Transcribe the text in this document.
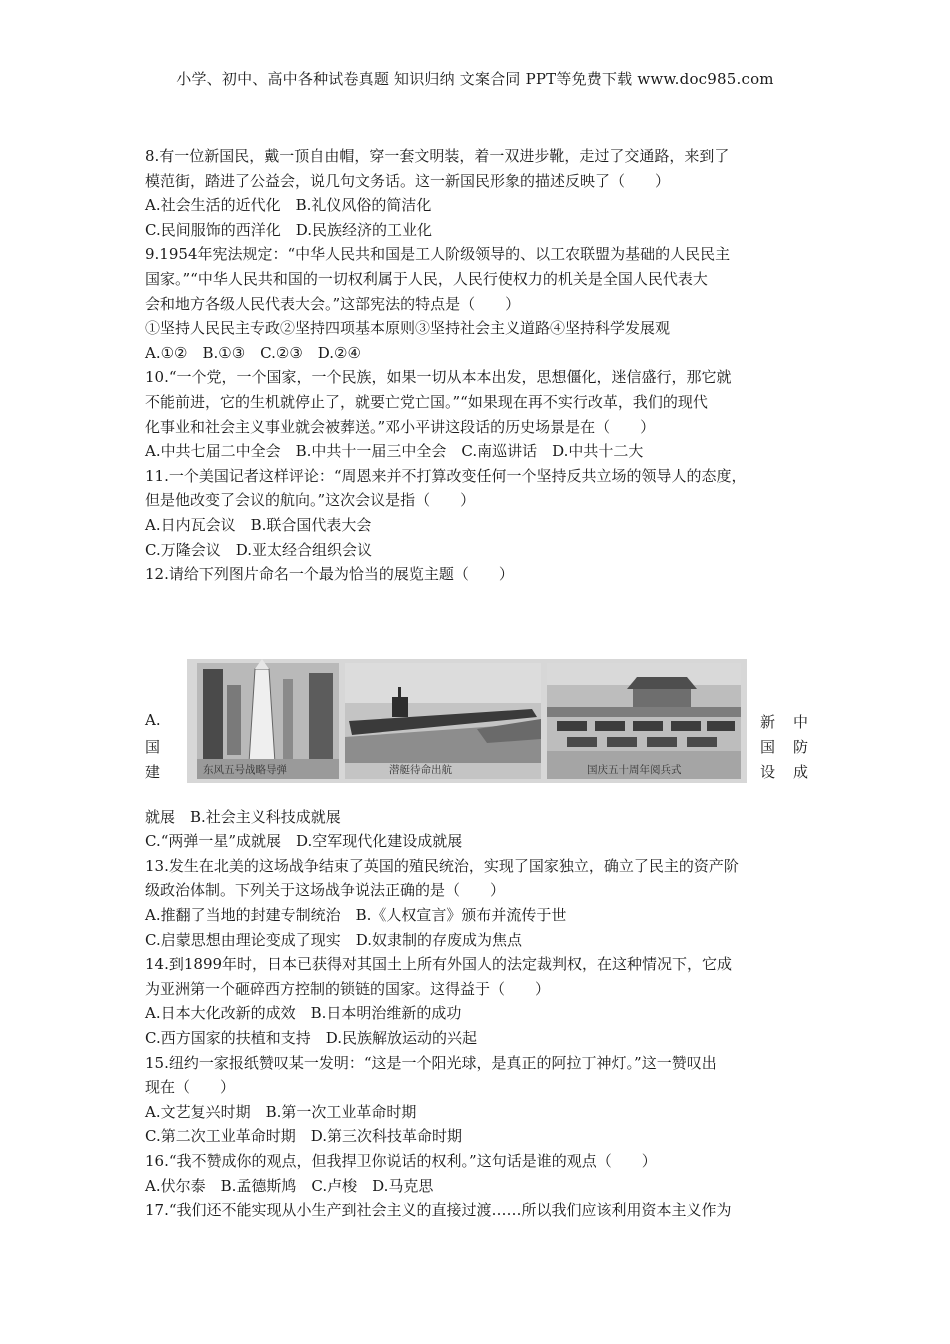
小学、初中、高中各种试卷真题 知识归纳 文案合同 PPT等免费下载 www.doc985.com
8.有一位新国民，戴一顶自由帽，穿一套文明装，着一双进步靴，走过了交通路，来到了
模范街，踏进了公益会，说几句文务话。这一新国民形象的描述反映了（　　）
A.社会生活的近代化　B.礼仪风俗的简洁化
C.民间服饰的西洋化　D.民族经济的工业化
9.1954年宪法规定：“中华人民共和国是工人阶级领导的、以工农联盟为基础的人民民主
国家。”“中华人民共和国的一切权利属于人民，人民行使权力的机关是全国人民代表大
会和地方各级人民代表大会。”这部宪法的特点是（　　）
①坚持人民民主专政②坚持四项基本原则③坚持社会主义道路④坚持科学发展观
A.①②　B.①③　C.②③　D.②④
10.“一个党，一个国家，一个民族，如果一切从本本出发，思想僵化，迷信盛行，那它就
不能前进，它的生机就停止了，就要亡党亡国。”“如果现在再不实行改革，我们的现代
化事业和社会主义事业就会被葬送。”邓小平讲这段话的历史场景是在（　　）
A.中共七届二中全会　B.中共十一届三中全会　C.南巡讲话　D.中共十二大
11.一个美国记者这样评论：“周恩来并不打算改变任何一个坚持反共立场的领导人的态度，
但是他改变了会议的航向。”这次会议是指（　　）
A.日内瓦会议　B.联合国代表大会
C.万隆会议　D.亚太经合组织会议
12.请给下列图片命名一个最为恰当的展览主题（　　）
A.
国
建	东风五号战略导弹	潜艇待命出航	国庆五十周年阅兵式
新 中
国 防
设 成
就展　B.社会主义科技成就展
C.“两弹一星”成就展　D.空军现代化建设成就展
13.发生在北美的这场战争结束了英国的殖民统治，实现了国家独立，确立了民主的资产阶
级政治体制。下列关于这场战争说法正确的是（　　）
A.推翻了当地的封建专制统治　B.《人权宣言》颁布并流传于世
C.启蒙思想由理论变成了现实　D.奴隶制的存废成为焦点
14.到1899年时，日本已获得对其国土上所有外国人的法定裁判权，在这种情况下，它成
为亚洲第一个砸碎西方控制的锁链的国家。这得益于（　　）
A.日本大化改新的成效　B.日本明治维新的成功
C.西方国家的扶植和支持　D.民族解放运动的兴起
15.纽约一家报纸赞叹某一发明：“这是一个阳光球，是真正的阿拉丁神灯。”这一赞叹出
现在（　　）
A.文艺复兴时期　B.第一次工业革命时期
C.第二次工业革命时期　D.第三次科技革命时期
16.“我不赞成你的观点，但我捍卫你说话的权利。”这句话是谁的观点（　　）
A.伏尔泰　B.孟德斯鸠　C.卢梭　D.马克思
17.“我们还不能实现从小生产到社会主义的直接过渡……所以我们应该利用资本主义作为
